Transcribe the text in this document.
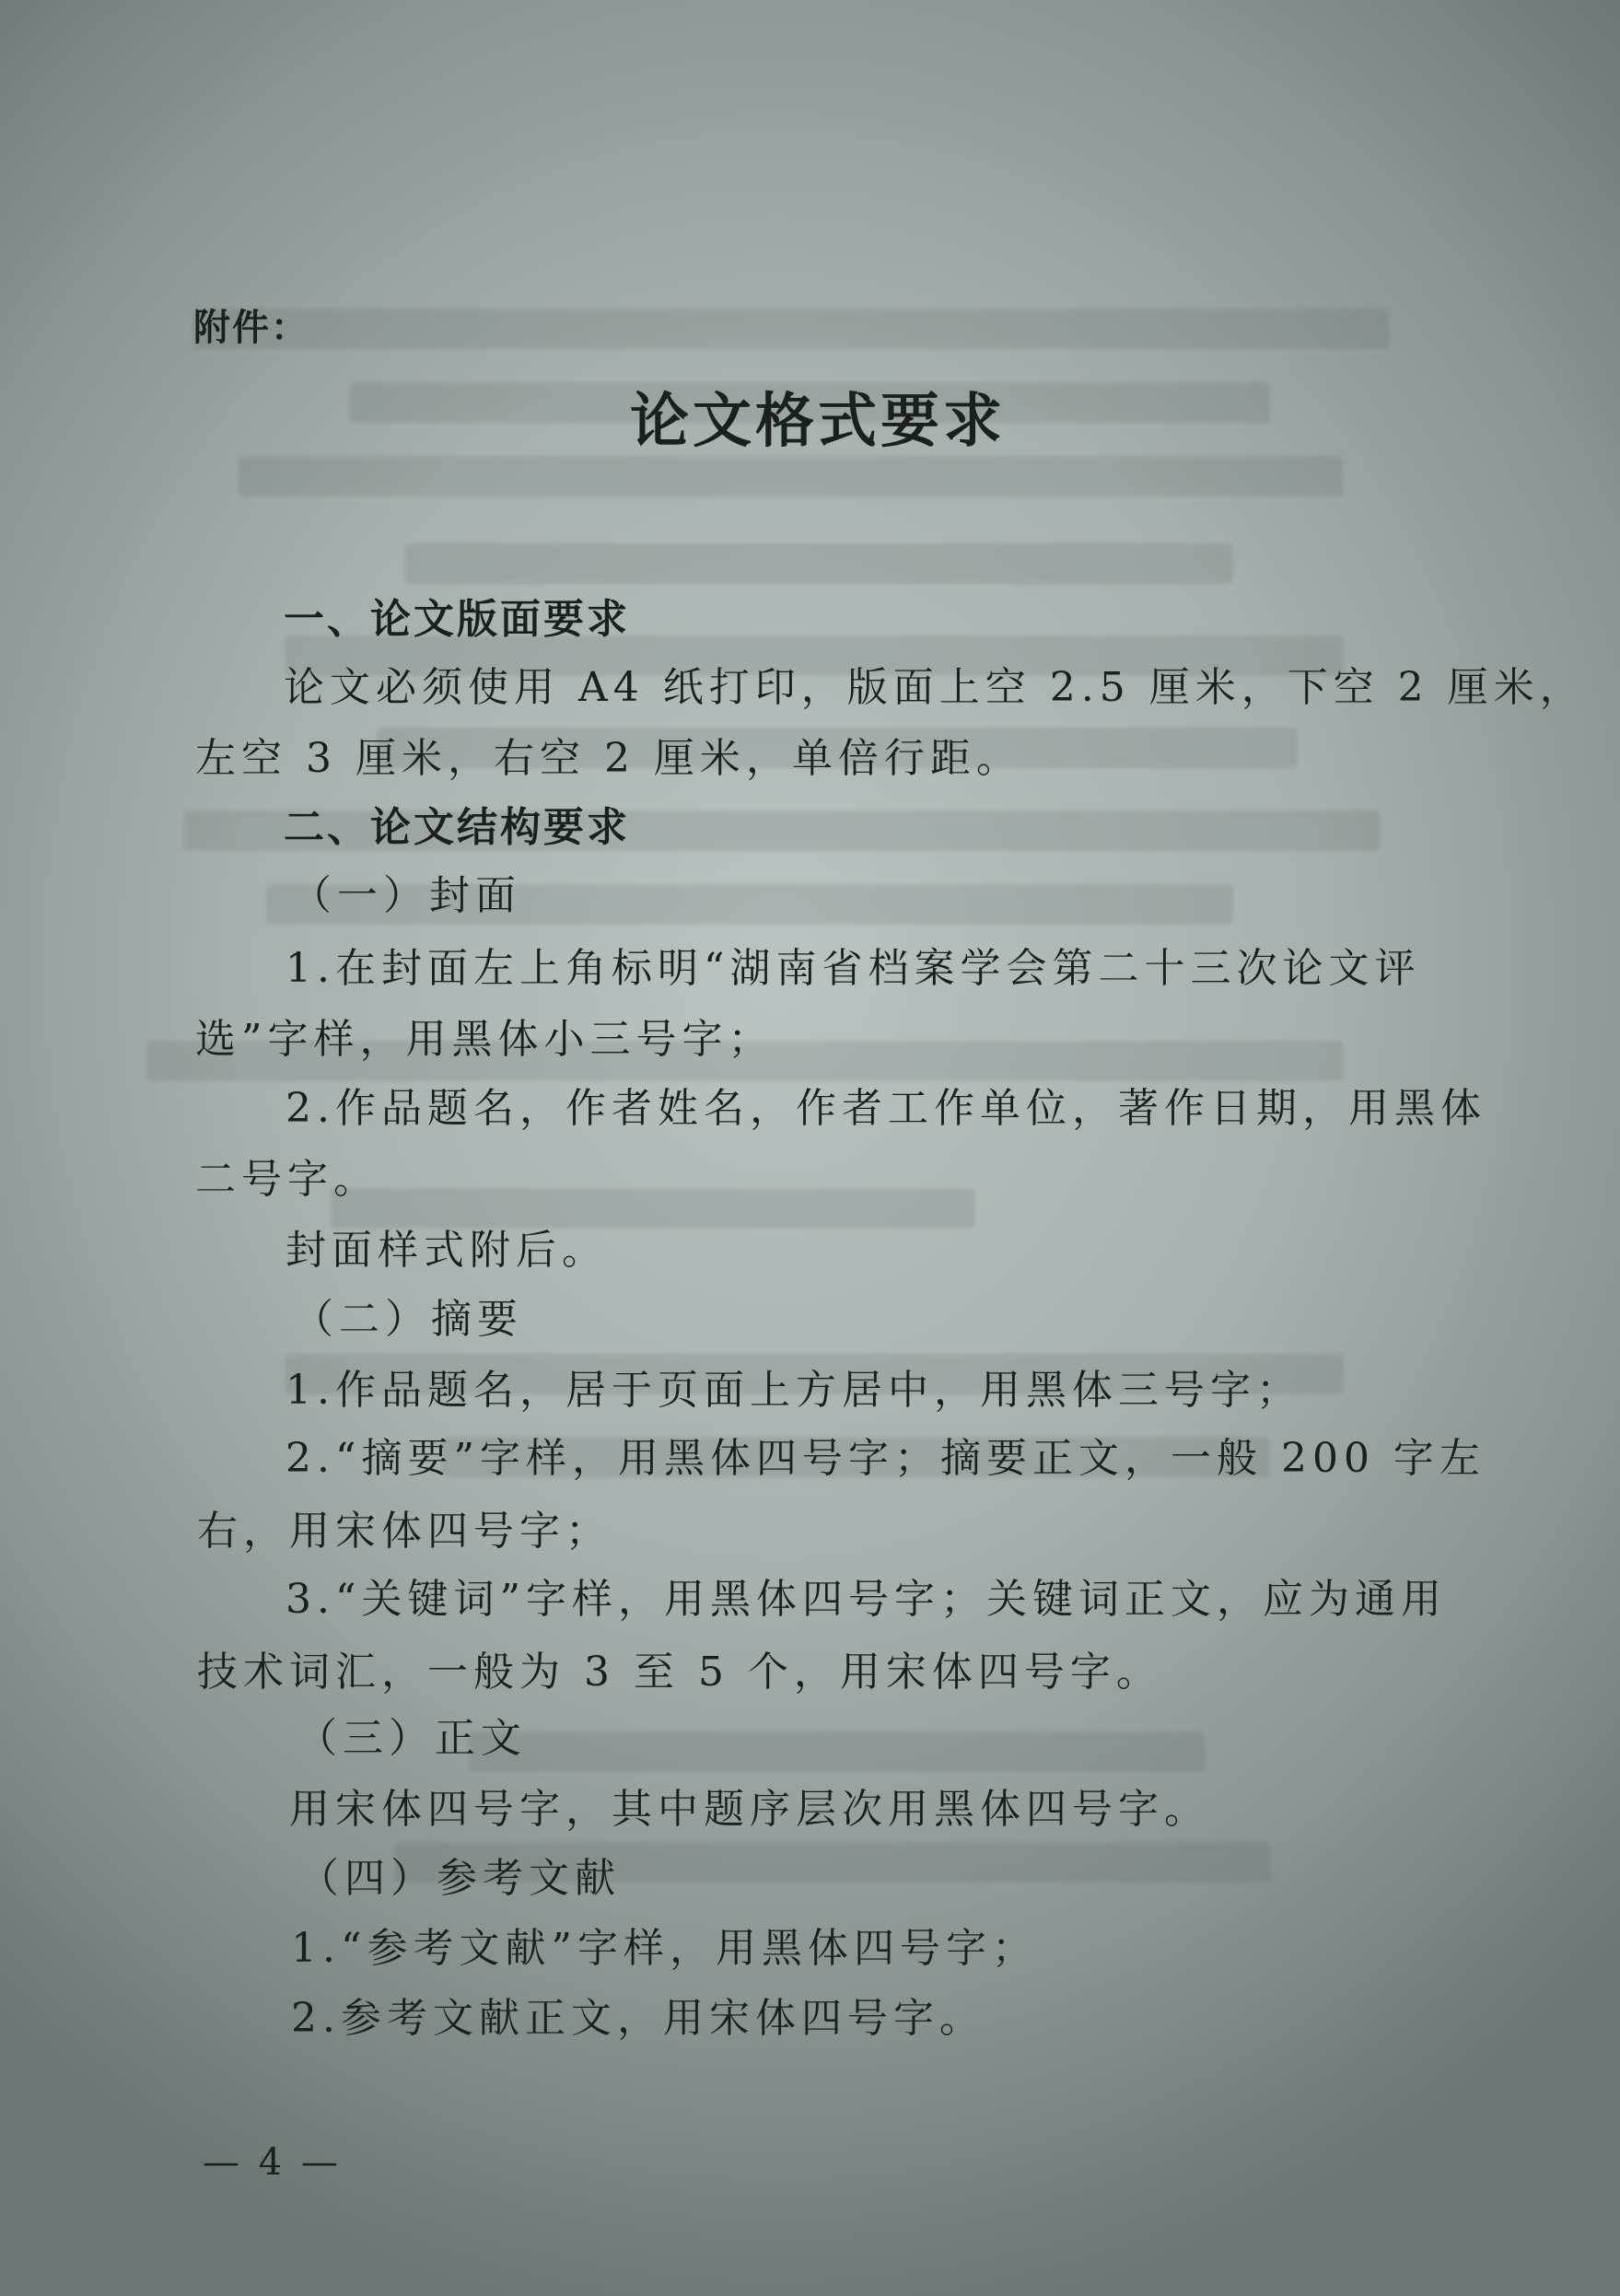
附件：
论文格式要求
一、论文版面要求
论文必须使用 A4 纸打印，版面上空 2.5 厘米，下空 2 厘米，
左空 3 厘米，右空 2 厘米，单倍行距。
二、论文结构要求
（一）封面
1.在封面左上角标明“湖南省档案学会第二十三次论文评
选”字样，用黑体小三号字；
2.作品题名，作者姓名，作者工作单位，著作日期，用黑体
二号字。
封面样式附后。
（二）摘要
1.作品题名，居于页面上方居中，用黑体三号字；
2.“摘要”字样，用黑体四号字；摘要正文，一般 200 字左
右，用宋体四号字；
3.“关键词”字样，用黑体四号字；关键词正文，应为通用
技术词汇，一般为 3 至 5 个，用宋体四号字。
（三）正文
用宋体四号字，其中题序层次用黑体四号字。
（四）参考文献
1.“参考文献”字样，用黑体四号字；
2.参考文献正文，用宋体四号字。
— 4 —
